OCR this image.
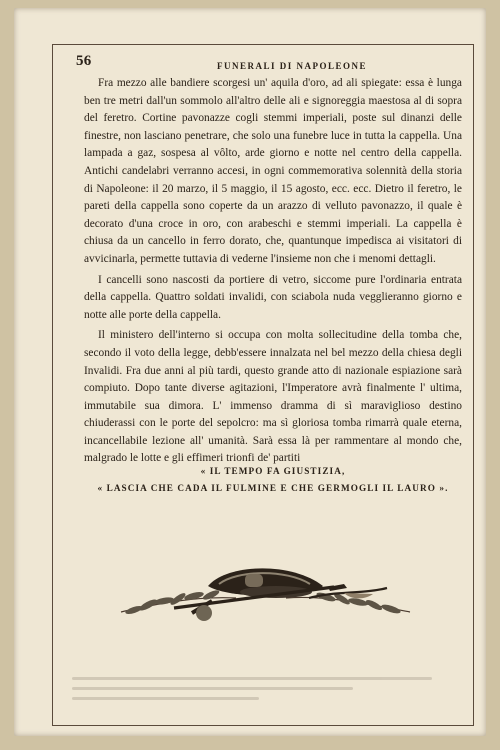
56	FUNERALI DI NAPOLEONE

Fra mezzo alle bandiere scorgesi un' aquila d'oro, ad ali spiegate: essa è lunga ben tre metri dall'un sommolo all'altro delle ali e signoreggia maestosa al di sopra del feretro. Cortine pavonazze cogli stemmi imperiali, poste sul dinanzi delle finestre, non lasciano penetrare, che solo una funebre luce in tutta la cappella. Una lampada a gaz, sospesa al vôlto, arde giorno e notte nel centro della cappella. Antichi candelabri verranno accesi, in ogni commemorativa solennità della storia di Napoleone: il 20 marzo, il 5 maggio, il 15 agosto, ecc. ecc. Dietro il feretro, le pareti della cappella sono coperte da un arazzo di velluto pavonazzo, il quale è decorato d'una croce in oro, con arabeschi e stemmi imperiali. La cappella è chiusa da un cancello in ferro dorato, che, quantunque impedisca ai visitatori di avvicinarla, permette tuttavia di vederne l'insieme non che i menomi dettagli.

I cancelli sono nascosti da portiere di vetro, siccome pure l'ordinaria entrata della cappella. Quattro soldati invalidi, con sciabola nuda vegglieranno giorno e notte alle porte della cappella.

Il ministero dell'interno si occupa con molta sollecitudine della tomba che, secondo il voto della legge, debb'essere innalzata nel bel mezzo della chiesa degli Invalidi. Fra due anni al più tardi, questo grande atto di nazionale espiazione sarà compiuto. Dopo tante diverse agitazioni, l'Imperatore avrà finalmente l' ultima, immutabile sua dimora. L' immenso dramma di sì maraviglioso destino chiuderassi con le porte del sepolcro: ma sì gloriosa tomba rimarrà quale eterna, incancellabile lezione all' umanità. Sarà essa là per rammentare al mondo che, malgrado le lotte e gli effimeri trionfi de' partiti

« IL TEMPO FA GIUSTIZIA,
« LASCIA CHE CADA IL FULMINE E CHE GERMOGLI IL LAURO ».
